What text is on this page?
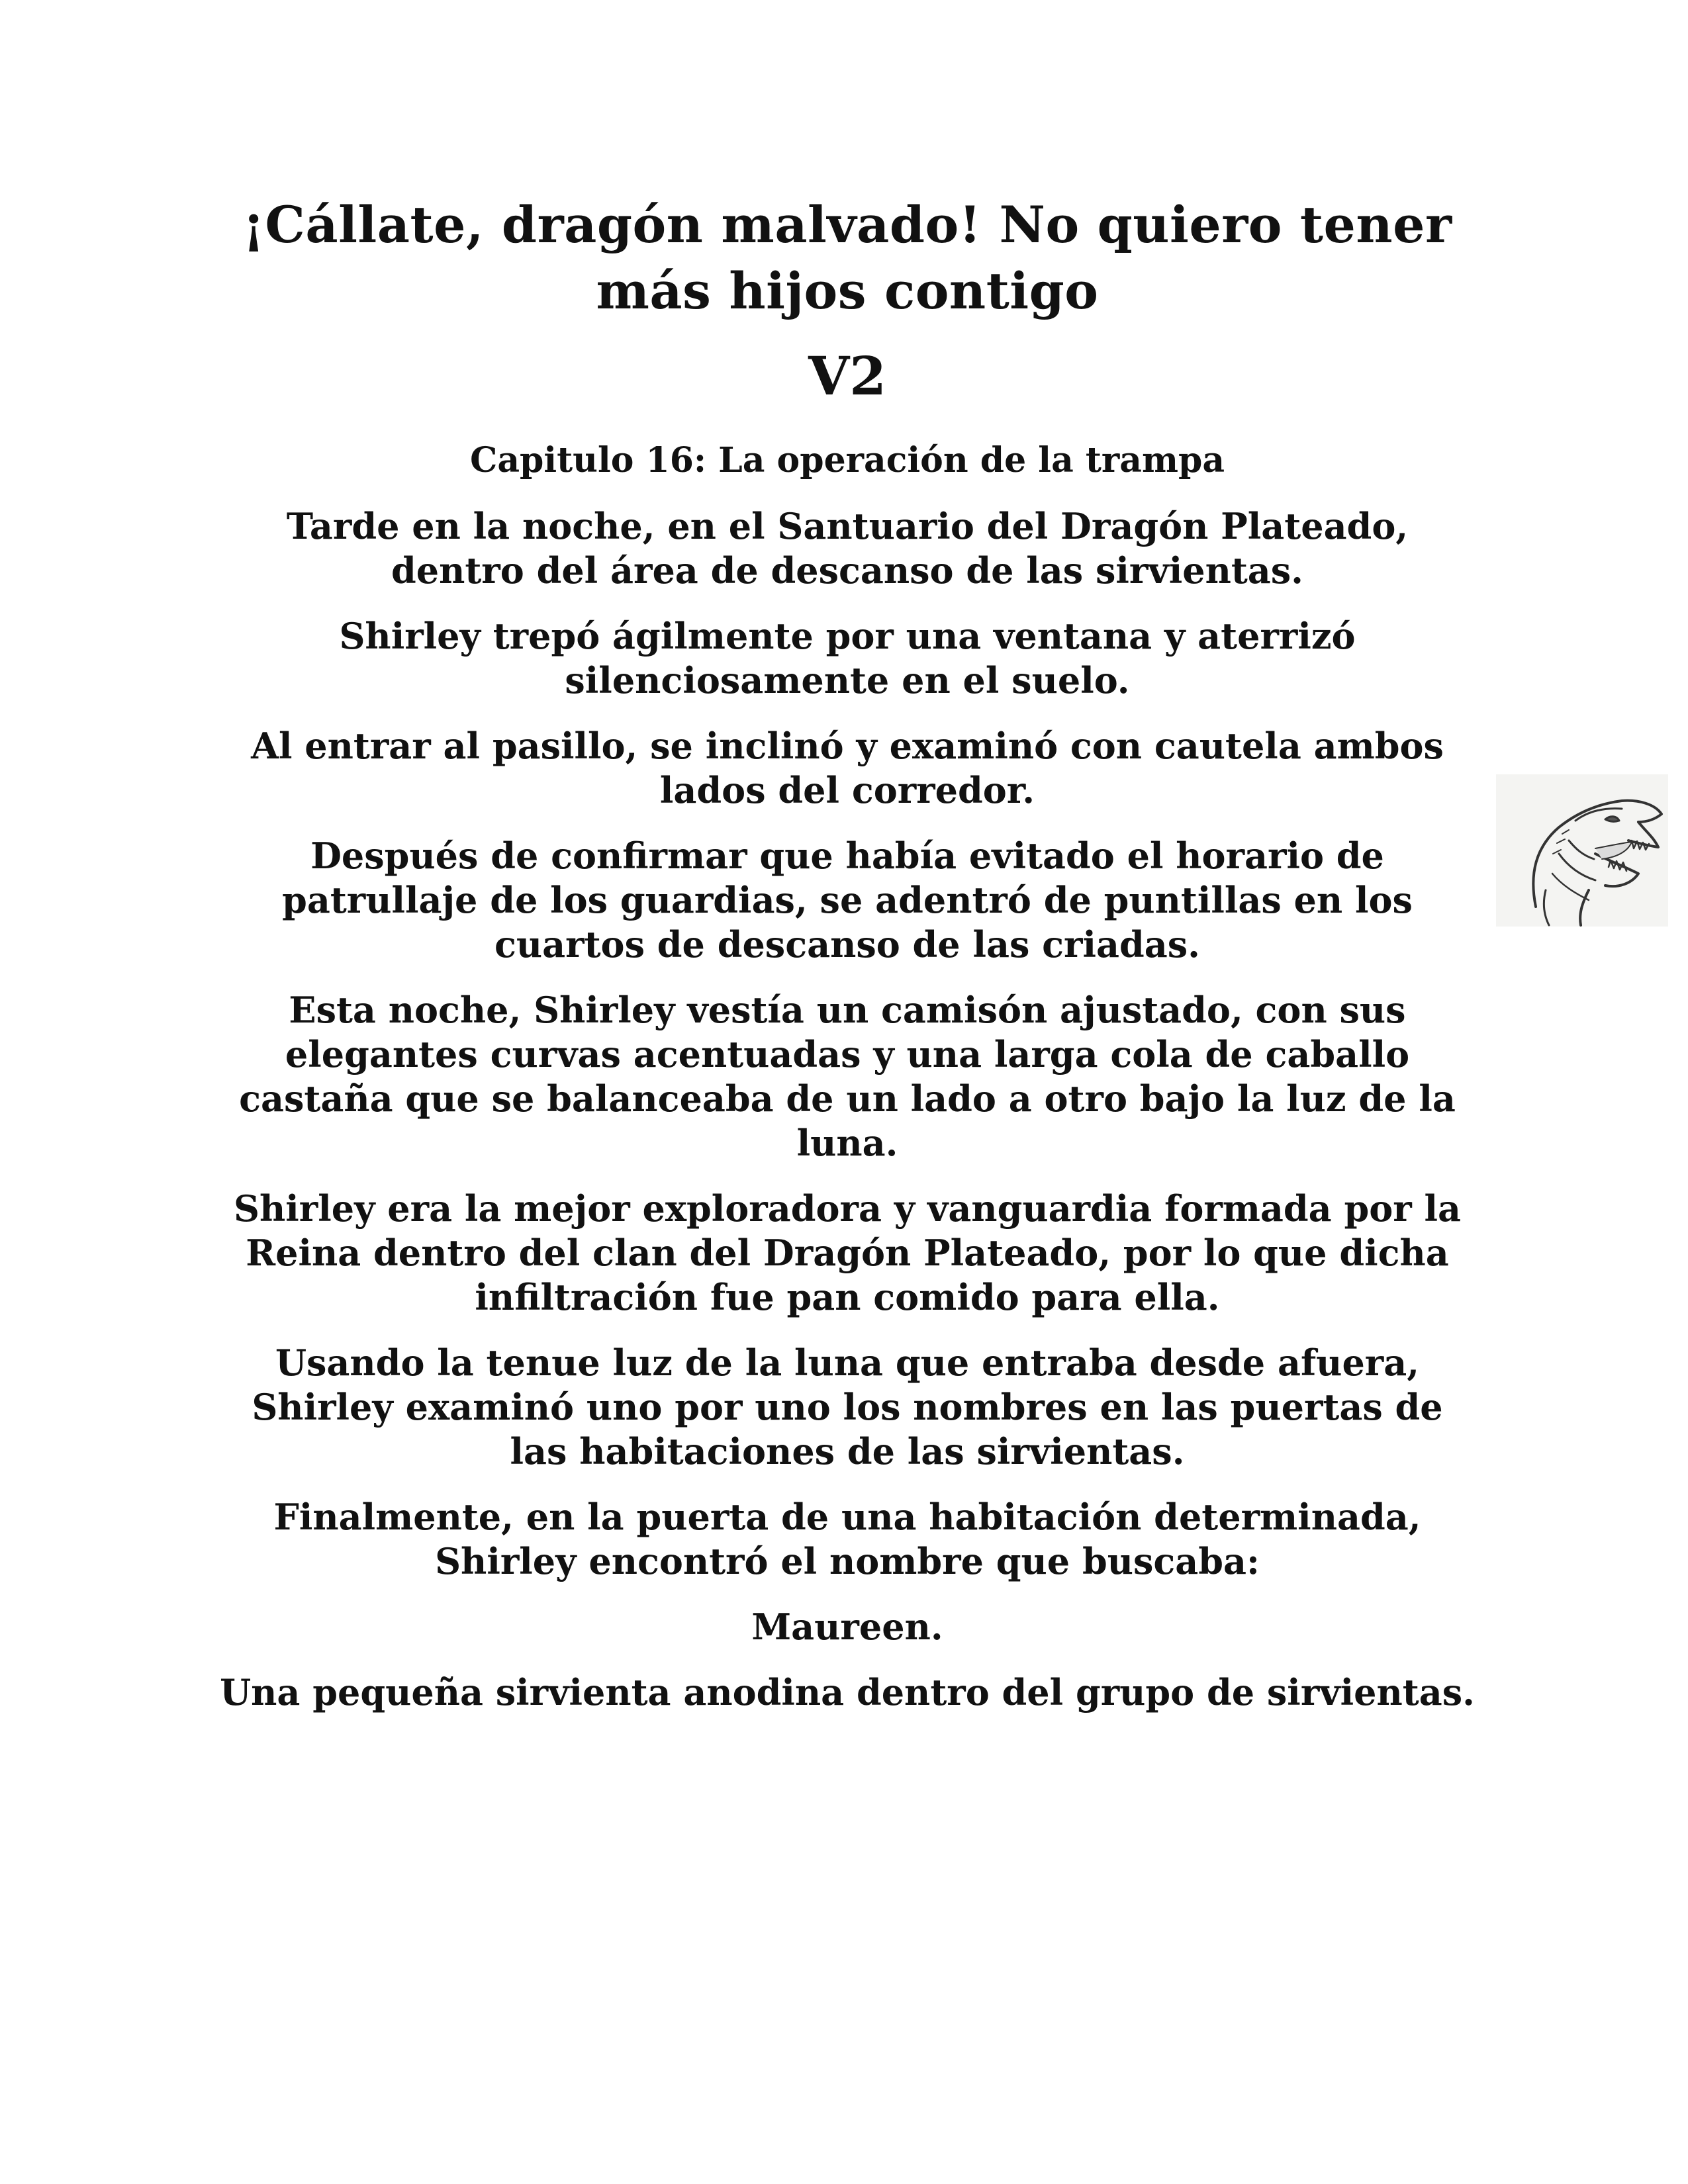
¡Cállate, dragón malvado! No quiero tener
más hijos contigo
V2
Capitulo 16: La operación de la trampa

Tarde en la noche, en el Santuario del Dragón Plateado, dentro del área de descanso de las sirvientas.

Shirley trepó ágilmente por una ventana y aterrizó silenciosamente en el suelo.

Al entrar al pasillo, se inclinó y examinó con cautela ambos lados del corredor.

Después de confirmar que había evitado el horario de patrullaje de los guardias, se adentró de puntillas en los cuartos de descanso de las criadas.

Esta noche, Shirley vestía un camisón ajustado, con sus elegantes curvas acentuadas y una larga cola de caballo castaña que se balanceaba de un lado a otro bajo la luz de la luna.

Shirley era la mejor exploradora y vanguardia formada por la Reina dentro del clan del Dragón Plateado, por lo que dicha infiltración fue pan comido para ella.

Usando la tenue luz de la luna que entraba desde afuera, Shirley examinó uno por uno los nombres en las puertas de las habitaciones de las sirvientas.

Finalmente, en la puerta de una habitación determinada, Shirley encontró el nombre que buscaba:

Maureen.

Una pequeña sirvienta anodina dentro del grupo de sirvientas.
